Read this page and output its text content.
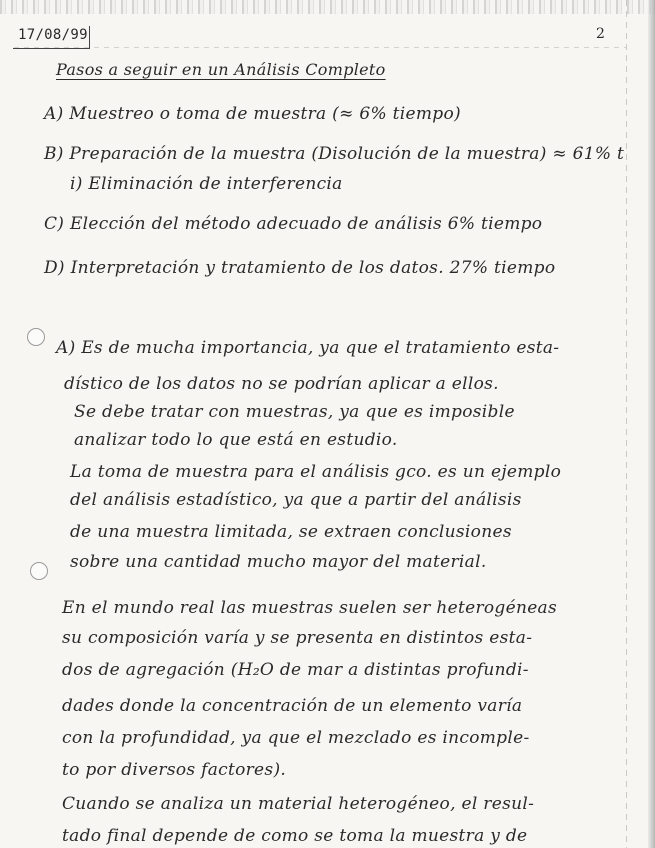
17/08/99	2
Pasos a seguir en un Análisis Completo
A) Muestreo o toma de muestra (≈ 6% tiempo)
B) Preparación de la muestra (Disolución de la muestra) ≈ 61% t
i) Eliminación de interferencia
C) Elección del método adecuado de análisis 6% tiempo
D) Interpretación y tratamiento de los datos. 27% tiempo
A) Es de mucha importancia, ya que el tratamiento esta-
dístico de los datos no se podrían aplicar a ellos.
Se debe tratar con muestras, ya que es imposible
analizar todo lo que está en estudio.
La toma de muestra para el análisis gco. es un ejemplo
del análisis estadístico, ya que a partir del análisis
de una muestra limitada, se extraen conclusiones
sobre una cantidad mucho mayor del material.
En el mundo real las muestras suelen ser heterogéneas
su composición varía y se presenta en distintos esta-
dos de agregación (H₂O de mar a distintas profundi-
dades donde la concentración de un elemento varía
con la profundidad, ya que el mezclado es incomple-
to por diversos factores).
Cuando se analiza un material heterogéneo, el resul-
tado final depende de como se toma la muestra y de
